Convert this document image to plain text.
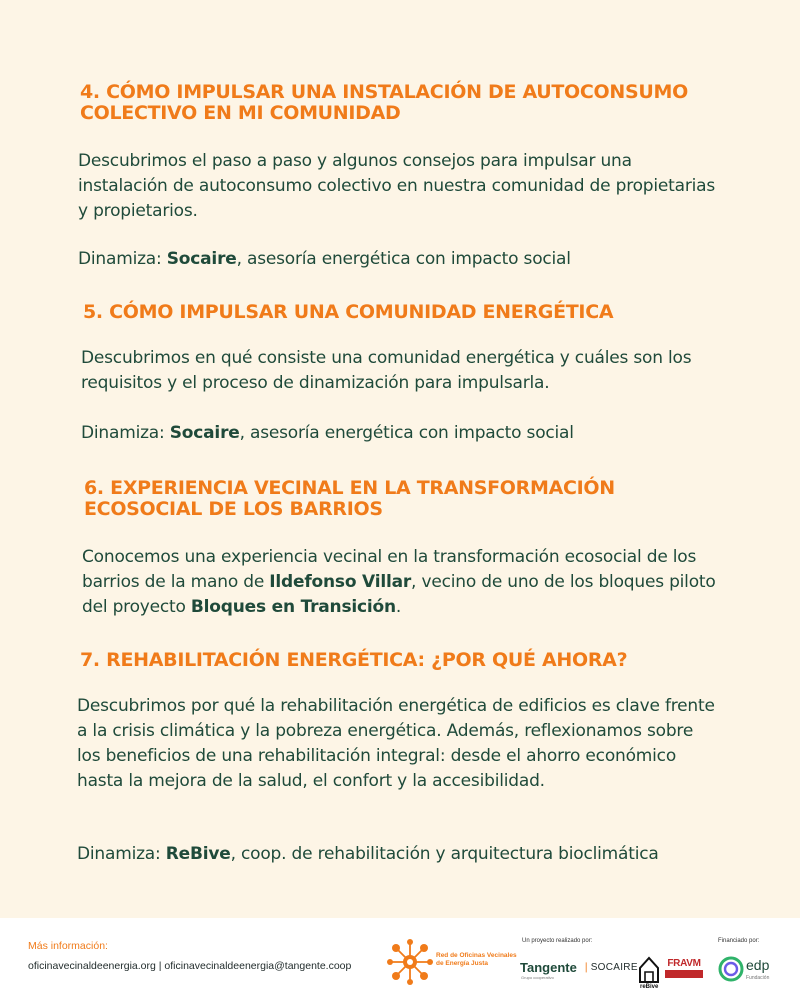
4. CÓMO IMPULSAR UNA INSTALACIÓN DE AUTOCONSUMO COLECTIVO EN MI COMUNIDAD

Descubrimos el paso a paso y algunos consejos para impulsar una instalación de autoconsumo colectivo en nuestra comunidad de propietarias y propietarios.

Dinamiza: Socaire, asesoría energética con impacto social

5. CÓMO IMPULSAR UNA COMUNIDAD ENERGÉTICA

Descubrimos en qué consiste una comunidad energética y cuáles son los requisitos y el proceso de dinamización para impulsarla.

Dinamiza: Socaire, asesoría energética con impacto social

6. EXPERIENCIA VECINAL EN LA TRANSFORMACIÓN ECOSOCIAL DE LOS BARRIOS

Conocemos una experiencia vecinal en la transformación ecosocial de los barrios de la mano de Ildefonso Villar, vecino de uno de los bloques piloto del proyecto Bloques en Transición.

7. REHABILITACIÓN ENERGÉTICA: ¿POR QUÉ AHORA?

Descubrimos por qué la rehabilitación energética de edificios es clave frente a la crisis climática y la pobreza energética. Además, reflexionamos sobre los beneficios de una rehabilitación integral: desde el ahorro económico hasta la mejora de la salud, el confort y la accesibilidad.

Dinamiza: ReBive, coop. de rehabilitación y arquitectura bioclimática

Más información:
oficinavecinaldeenergia.org | oficinavecinaldeenergia@tangente.coop
Red de Oficinas Vecinales de Energía Justa
Un proyecto realizado por:
Tangente
Grupo cooperativo
❘SOCAIRE
reBive
FRAVM
Financiado por:
edp
Fundación
